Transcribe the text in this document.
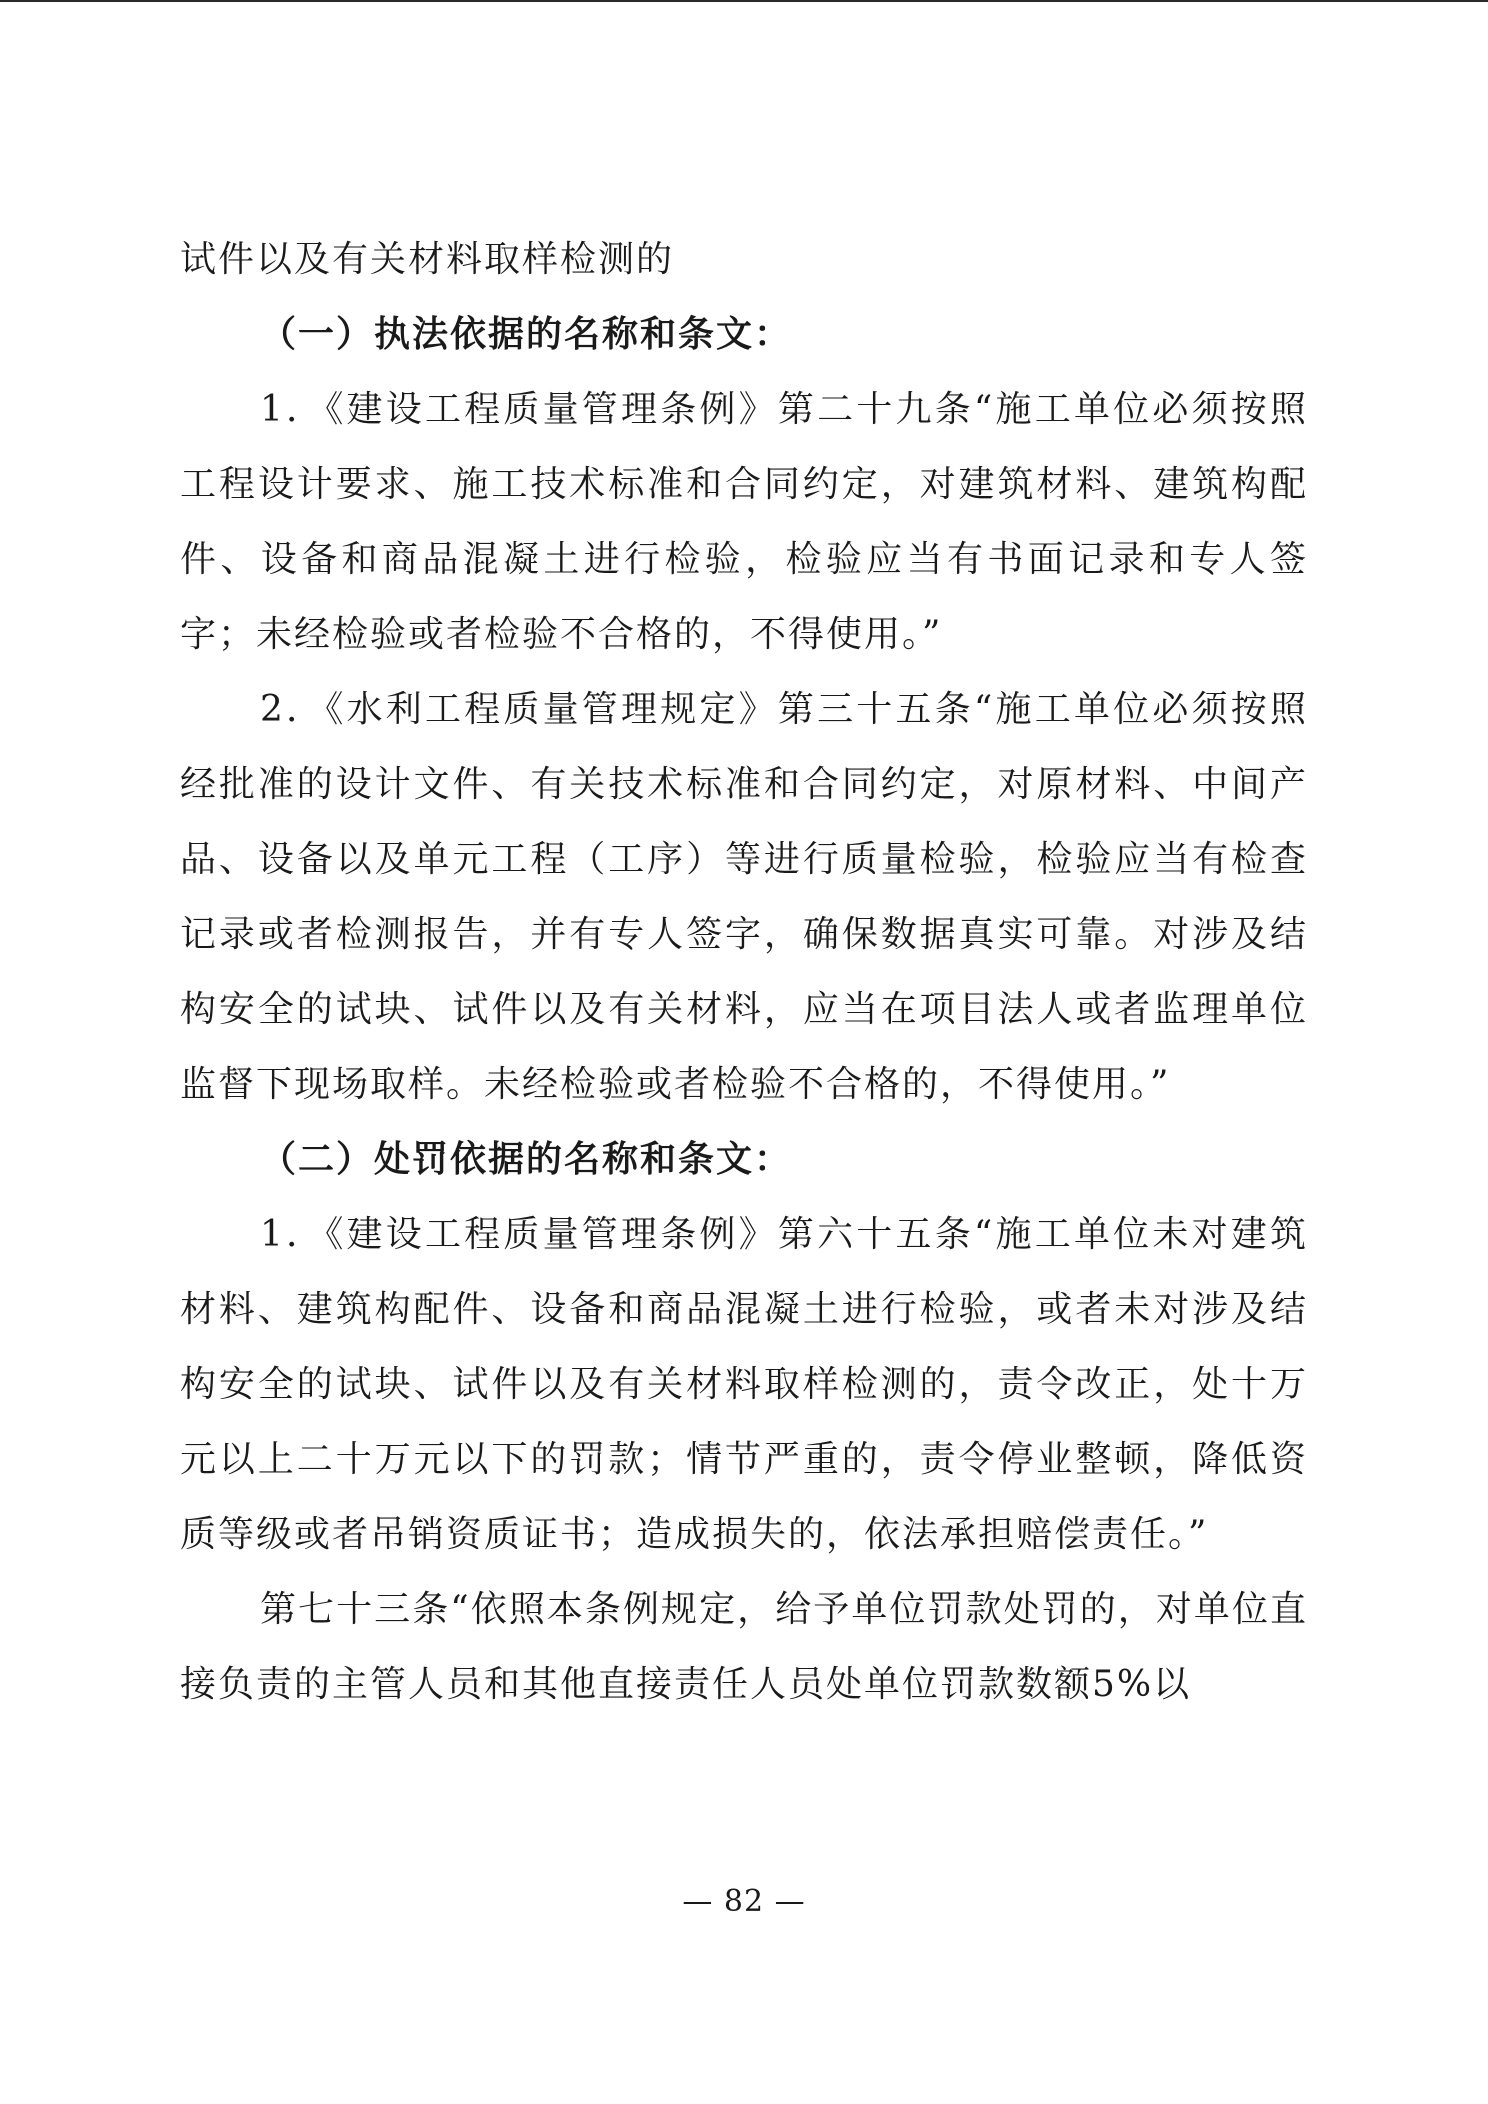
试件以及有关材料取样检测的

（一）执法依据的名称和条文：

1．《建设工程质量管理条例》第二十九条“施工单位必须按照工程设计要求、施工技术标准和合同约定，对建筑材料、建筑构配件、设备和商品混凝土进行检验，检验应当有书面记录和专人签字；未经检验或者检验不合格的，不得使用。”

2．《水利工程质量管理规定》第三十五条“施工单位必须按照经批准的设计文件、有关技术标准和合同约定，对原材料、中间产品、设备以及单元工程（工序）等进行质量检验，检验应当有检查记录或者检测报告，并有专人签字，确保数据真实可靠。对涉及结构安全的试块、试件以及有关材料，应当在项目法人或者监理单位监督下现场取样。未经检验或者检验不合格的，不得使用。”

（二）处罚依据的名称和条文：

1．《建设工程质量管理条例》第六十五条“施工单位未对建筑材料、建筑构配件、设备和商品混凝土进行检验，或者未对涉及结构安全的试块、试件以及有关材料取样检测的，责令改正，处十万元以上二十万元以下的罚款；情节严重的，责令停业整顿，降低资质等级或者吊销资质证书；造成损失的，依法承担赔偿责任。”

第七十三条“依照本条例规定，给予单位罚款处罚的，对单位直接负责的主管人员和其他直接责任人员处单位罚款数额5%以

— 82 —
